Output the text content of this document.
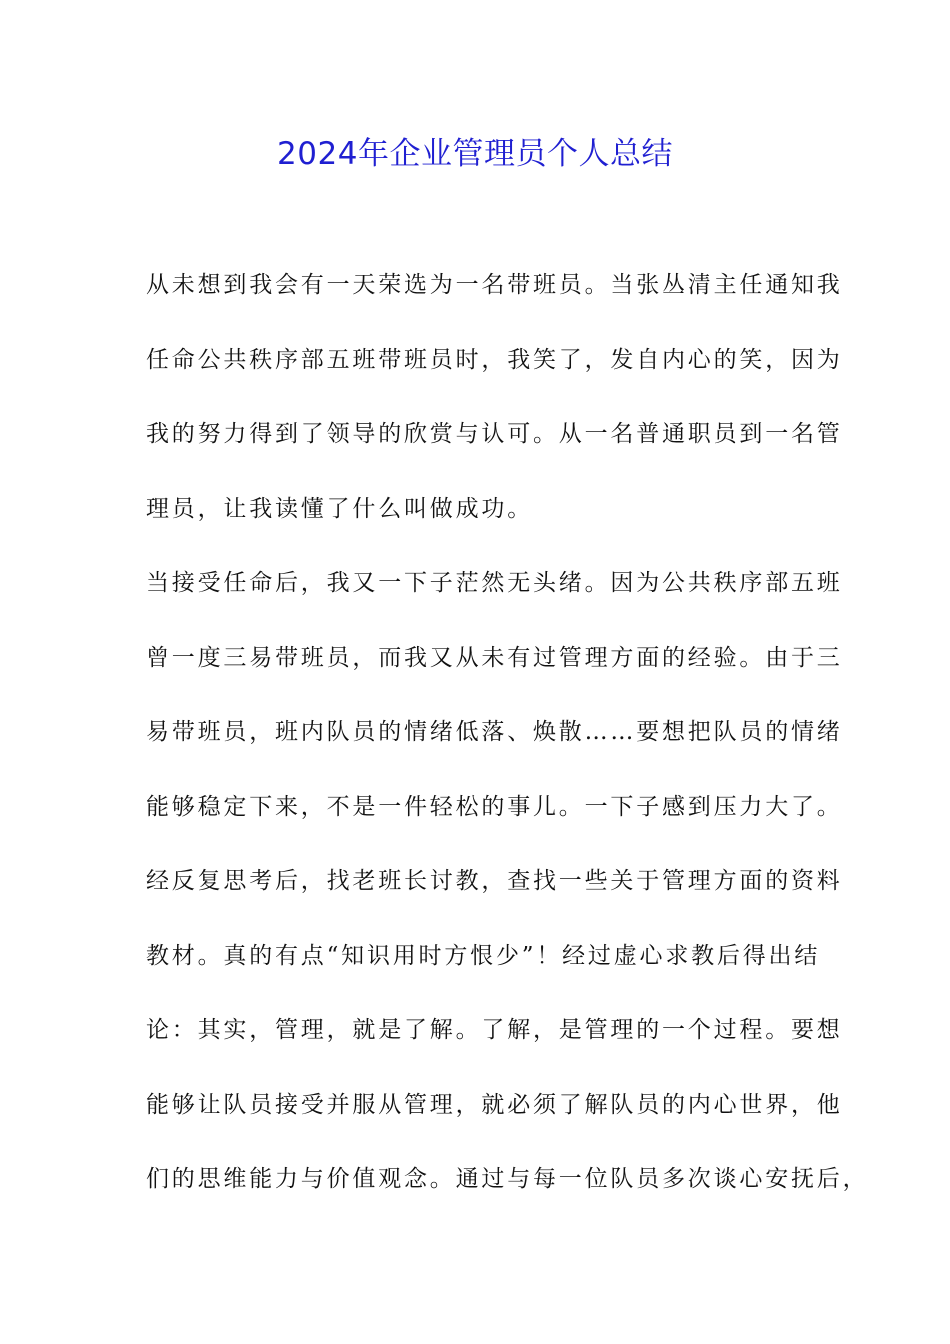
2024年企业管理员个人总结
从未想到我会有一天荣选为一名带班员。当张丛清主任通知我
任命公共秩序部五班带班员时，我笑了，发自内心的笑，因为
我的努力得到了领导的欣赏与认可。从一名普通职员到一名管
理员，让我读懂了什么叫做成功。
当接受任命后，我又一下子茫然无头绪。因为公共秩序部五班
曾一度三易带班员，而我又从未有过管理方面的经验。由于三
易带班员，班内队员的情绪低落、焕散……要想把队员的情绪
能够稳定下来，不是一件轻松的事儿。一下子感到压力大了。
经反复思考后，找老班长讨教，查找一些关于管理方面的资料
教材。真的有点“知识用时方恨少”！经过虚心求教后得出结
论：其实，管理，就是了解。了解，是管理的一个过程。要想
能够让队员接受并服从管理，就必须了解队员的内心世界，他
们的思维能力与价值观念。通过与每一位队员多次谈心安抚后，
